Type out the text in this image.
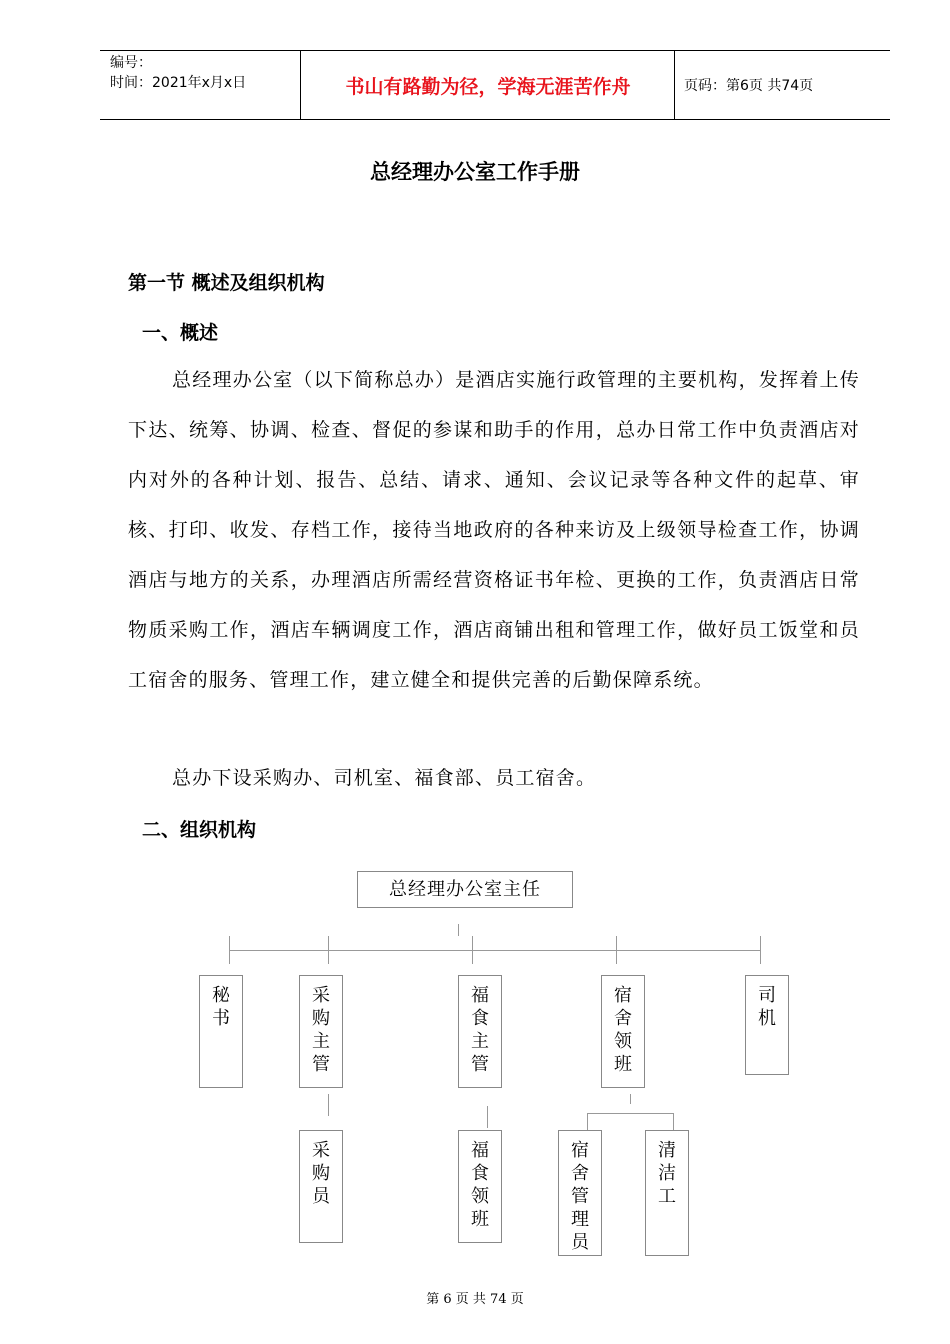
编号：
时间：2021年x月x日	书山有路勤为径，学海无涯苦作舟	页码：第6页 共74页
总经理办公室工作手册
第一节 概述及组织机构
一、概述

总经理办公室（以下简称总办）是酒店实施行政管理的主要机构，发挥着上传下达、统筹、协调、检查、督促的参谋和助手的作用，总办日常工作中负责酒店对内对外的各种计划、报告、总结、请求、通知、会议记录等各种文件的起草、审核、打印、收发、存档工作，接待当地政府的各种来访及上级领导检查工作，协调酒店与地方的关系，办理酒店所需经营资格证书年检、更换的工作，负责酒店日常物质采购工作，酒店车辆调度工作，酒店商铺出租和管理工作，做好员工饭堂和员工宿舍的服务、管理工作，建立健全和提供完善的后勤保障系统。

总办下设采购办、司机室、福食部、员工宿舍。

二、组织机构
总经理办公室主任
秘书
采购主管
福食主管
宿舍领班
司机
采购员
福食领班
宿舍管理员
清洁工
第 6 页 共 74 页
